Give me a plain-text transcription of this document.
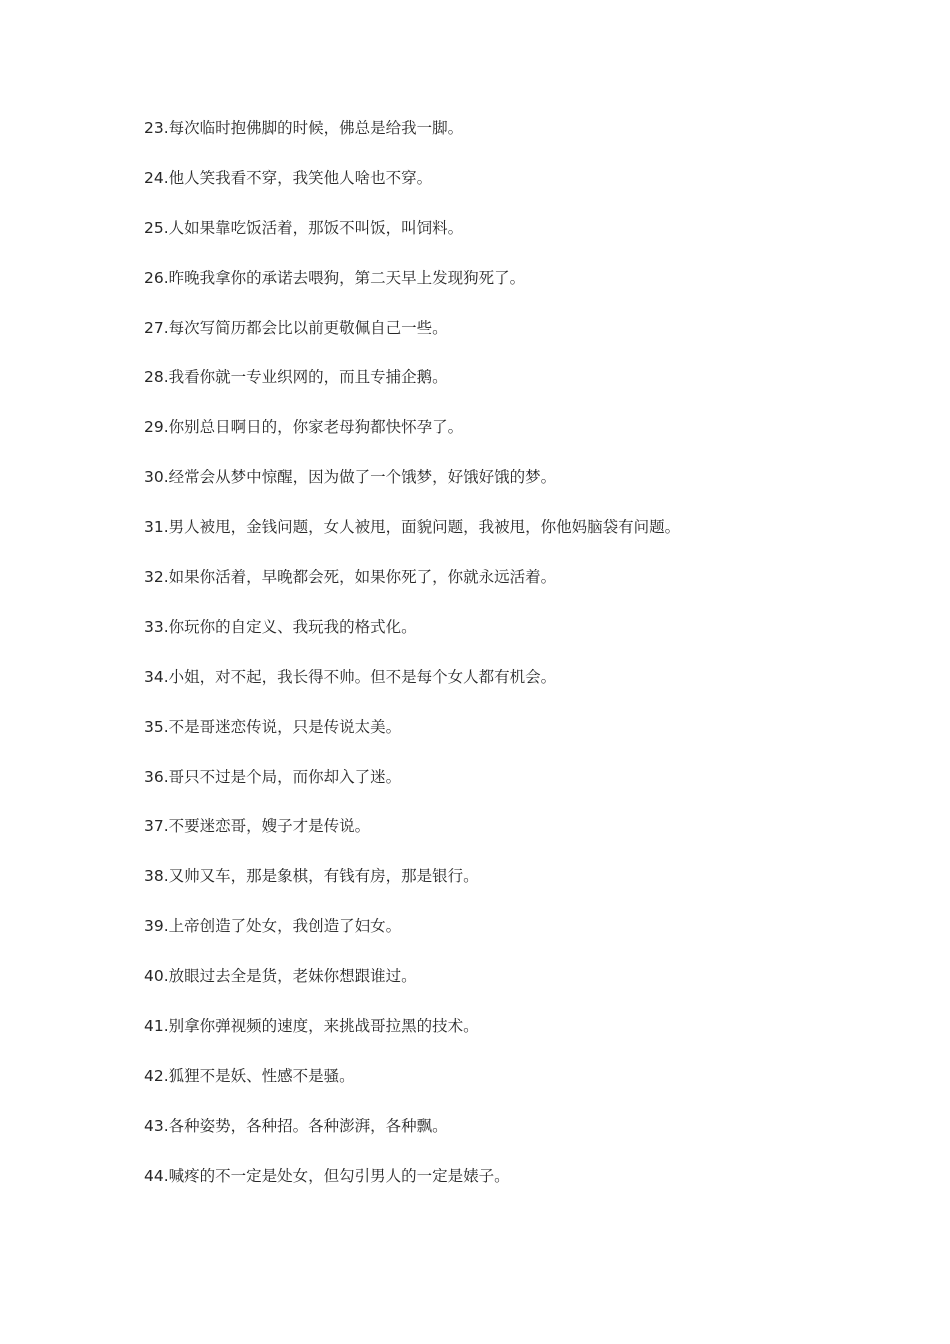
23.每次临时抱佛脚的时候，佛总是给我一脚。
24.他人笑我看不穿，我笑他人啥也不穿。
25.人如果靠吃饭活着，那饭不叫饭，叫饲料。
26.昨晚我拿你的承诺去喂狗，第二天早上发现狗死了。
27.每次写简历都会比以前更敬佩自己一些。
28.我看你就一专业织网的，而且专捕企鹅。
29.你别总日啊日的，你家老母狗都快怀孕了。
30.经常会从梦中惊醒，因为做了一个饿梦，好饿好饿的梦。
31.男人被甩，金钱问题，女人被甩，面貌问题，我被甩，你他妈脑袋有问题。
32.如果你活着，早晚都会死，如果你死了，你就永远活着。
33.你玩你的自定义、我玩我的格式化。
34.小姐，对不起，我长得不帅。但不是每个女人都有机会。
35.不是哥迷恋传说，只是传说太美。
36.哥只不过是个局，而你却入了迷。
37.不要迷恋哥，嫂子才是传说。
38.又帅又车，那是象棋，有钱有房，那是银行。
39.上帝创造了处女，我创造了妇女。
40.放眼过去全是货，老妹你想跟谁过。
41.别拿你弹视频的速度，来挑战哥拉黑的技术。
42.狐狸不是妖、性感不是骚。
43.各种姿势，各种招。各种澎湃，各种飘。
44.喊疼的不一定是处女，但勾引男人的一定是婊子。
